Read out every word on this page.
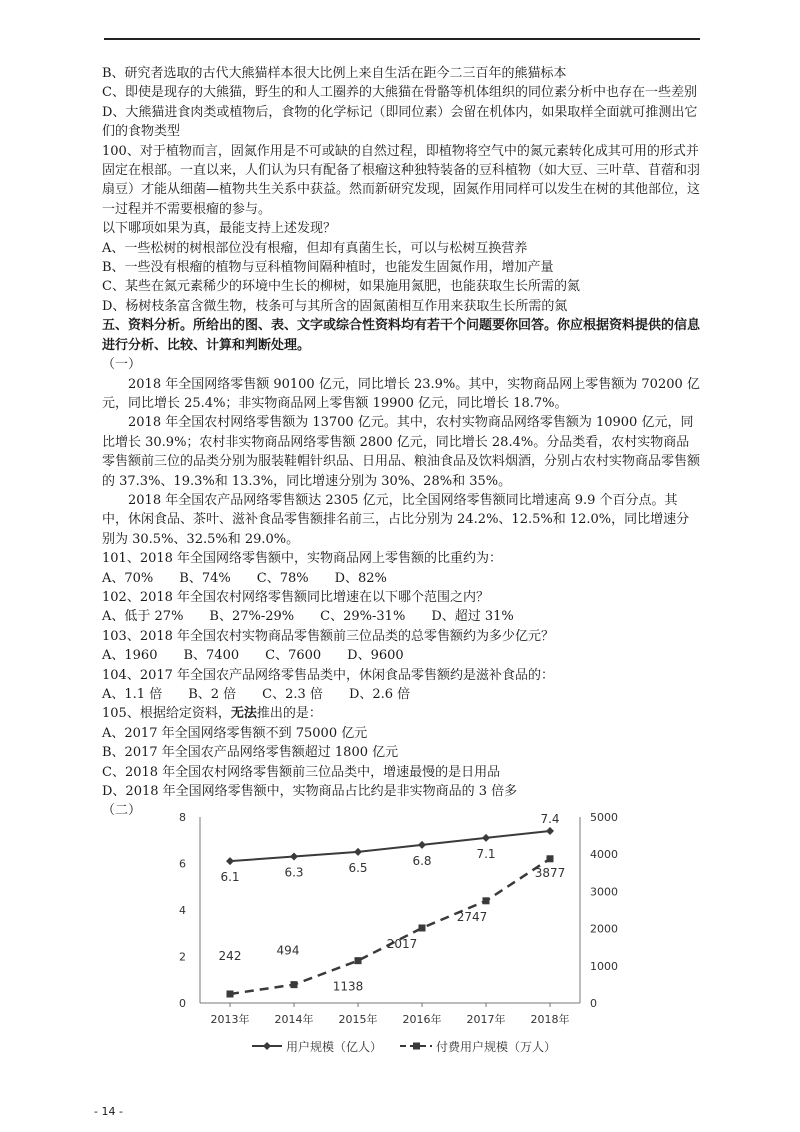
B、研究者选取的古代大熊猫样本很大比例上来自生活在距今二三百年的熊猫标本

C、即使是现存的大熊猫，野生的和人工圈养的大熊猫在骨骼等机体组织的同位素分析中也存在一些差别

D、大熊猫进食肉类或植物后，食物的化学标记（即同位素）会留在机体内，如果取样全面就可推测出它们的食物类型

100、对于植物而言，固氮作用是不可或缺的自然过程，即植物将空气中的氮元素转化成其可用的形式并固定在根部。一直以来，人们认为只有配备了根瘤这种独特装备的豆科植物（如大豆、三叶草、苜蓿和羽扇豆）才能从细菌—植物共生关系中获益。然而新研究发现，固氮作用同样可以发生在树的其他部位，这一过程并不需要根瘤的参与。

以下哪项如果为真，最能支持上述发现？

A、一些松树的树根部位没有根瘤，但却有真菌生长，可以与松树互换营养

B、一些没有根瘤的植物与豆科植物间隔种植时，也能发生固氮作用，增加产量

C、某些在氮元素稀少的环境中生长的柳树，如果施用氮肥，也能获取生长所需的氮

D、杨树枝条富含微生物，枝条可与其所含的固氮菌相互作用来获取生长所需的氮

五、资料分析。所给出的图、表、文字或综合性资料均有若干个问题要你回答。你应根据资料提供的信息进行分析、比较、计算和判断处理。

（一）

2018 年全国网络零售额 90100 亿元，同比增长 23.9%。其中，实物商品网上零售额为 70200 亿元，同比增长 25.4%；非实物商品网上零售额 19900 亿元，同比增长 18.7%。

2018 年全国农村网络零售额为 13700 亿元。其中，农村实物商品网络零售额为 10900 亿元，同比增长 30.9%；农村非实物商品网络零售额 2800 亿元，同比增长 28.4%。分品类看，农村实物商品零售额前三位的品类分别为服装鞋帽针织品、日用品、粮油食品及饮料烟酒，分别占农村实物商品零售额的 37.3%、19.3%和 13.3%，同比增速分别为 30%、28%和 35%。

2018 年全国农产品网络零售额达 2305 亿元，比全国网络零售额同比增速高 9.9 个百分点。其中，休闲食品、茶叶、滋补食品零售额排名前三，占比分别为 24.2%、12.5%和 12.0%，同比增速分别为 30.5%、32.5%和 29.0%。

101、2018 年全国网络零售额中，实物商品网上零售额的比重约为：

A、70% B、74% C、78% D、82%

102、2018 年全国农村网络零售额同比增速在以下哪个范围之内？

A、低于 27% B、27%-29% C、29%-31% D、超过 31%

103、2018 年全国农村实物商品零售额前三位品类的总零售额约为多少亿元？

A、1960 B、7400 C、7600 D、9600

104、2017 年全国农产品网络零售品类中，休闲食品零售额约是滋补食品的：

A、1.1 倍 B、2 倍 C、2.3 倍 D、2.6 倍

105、根据给定资料，无法推出的是：

A、2017 年全国网络零售额不到 75000 亿元

B、2017 年全国农产品网络零售额超过 1800 亿元

C、2018 年全国农村网络零售额前三位品类中，增速最慢的是日用品

D、2018 年全国网络零售额中，实物商品占比约是非实物商品的 3 倍多

（二）

0
2
4
6
8
0
1000
2000
3000
4000
5000
2013年 2014年 2015年 2016年 2017年 2018年
6.1	6.3	6.5	6.8	7.1
7.4
242	494
1138
2017
2747
3877
用户规模（亿人）	付费用户规模（万人）
- 14 -
